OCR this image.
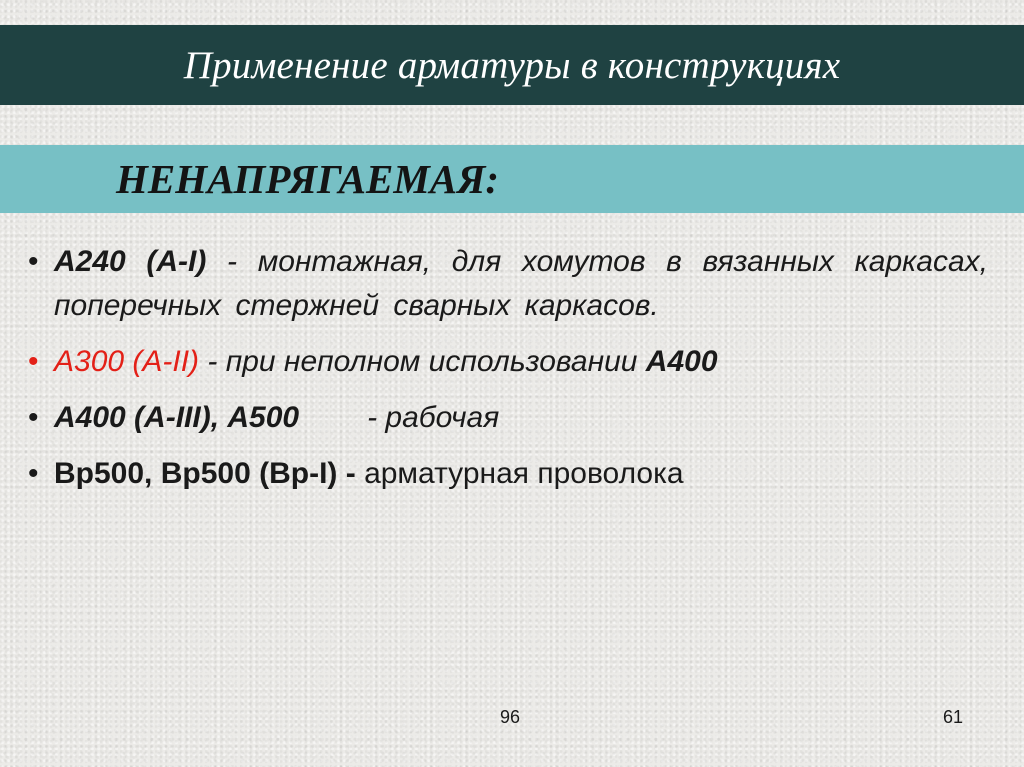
Применение арматуры в конструкциях
НЕНАПРЯГАЕМАЯ:
• А240 (А-I) - монтажная, для хомутов в вязанных каркасах, поперечных стержней сварных каркасов.
• А300 (А-II) - при неполном использовании А400
• А400 (А-III), А500 - рабочая
• Вр500, Вр500 (Вр-I) - арматурная проволока
96	61
